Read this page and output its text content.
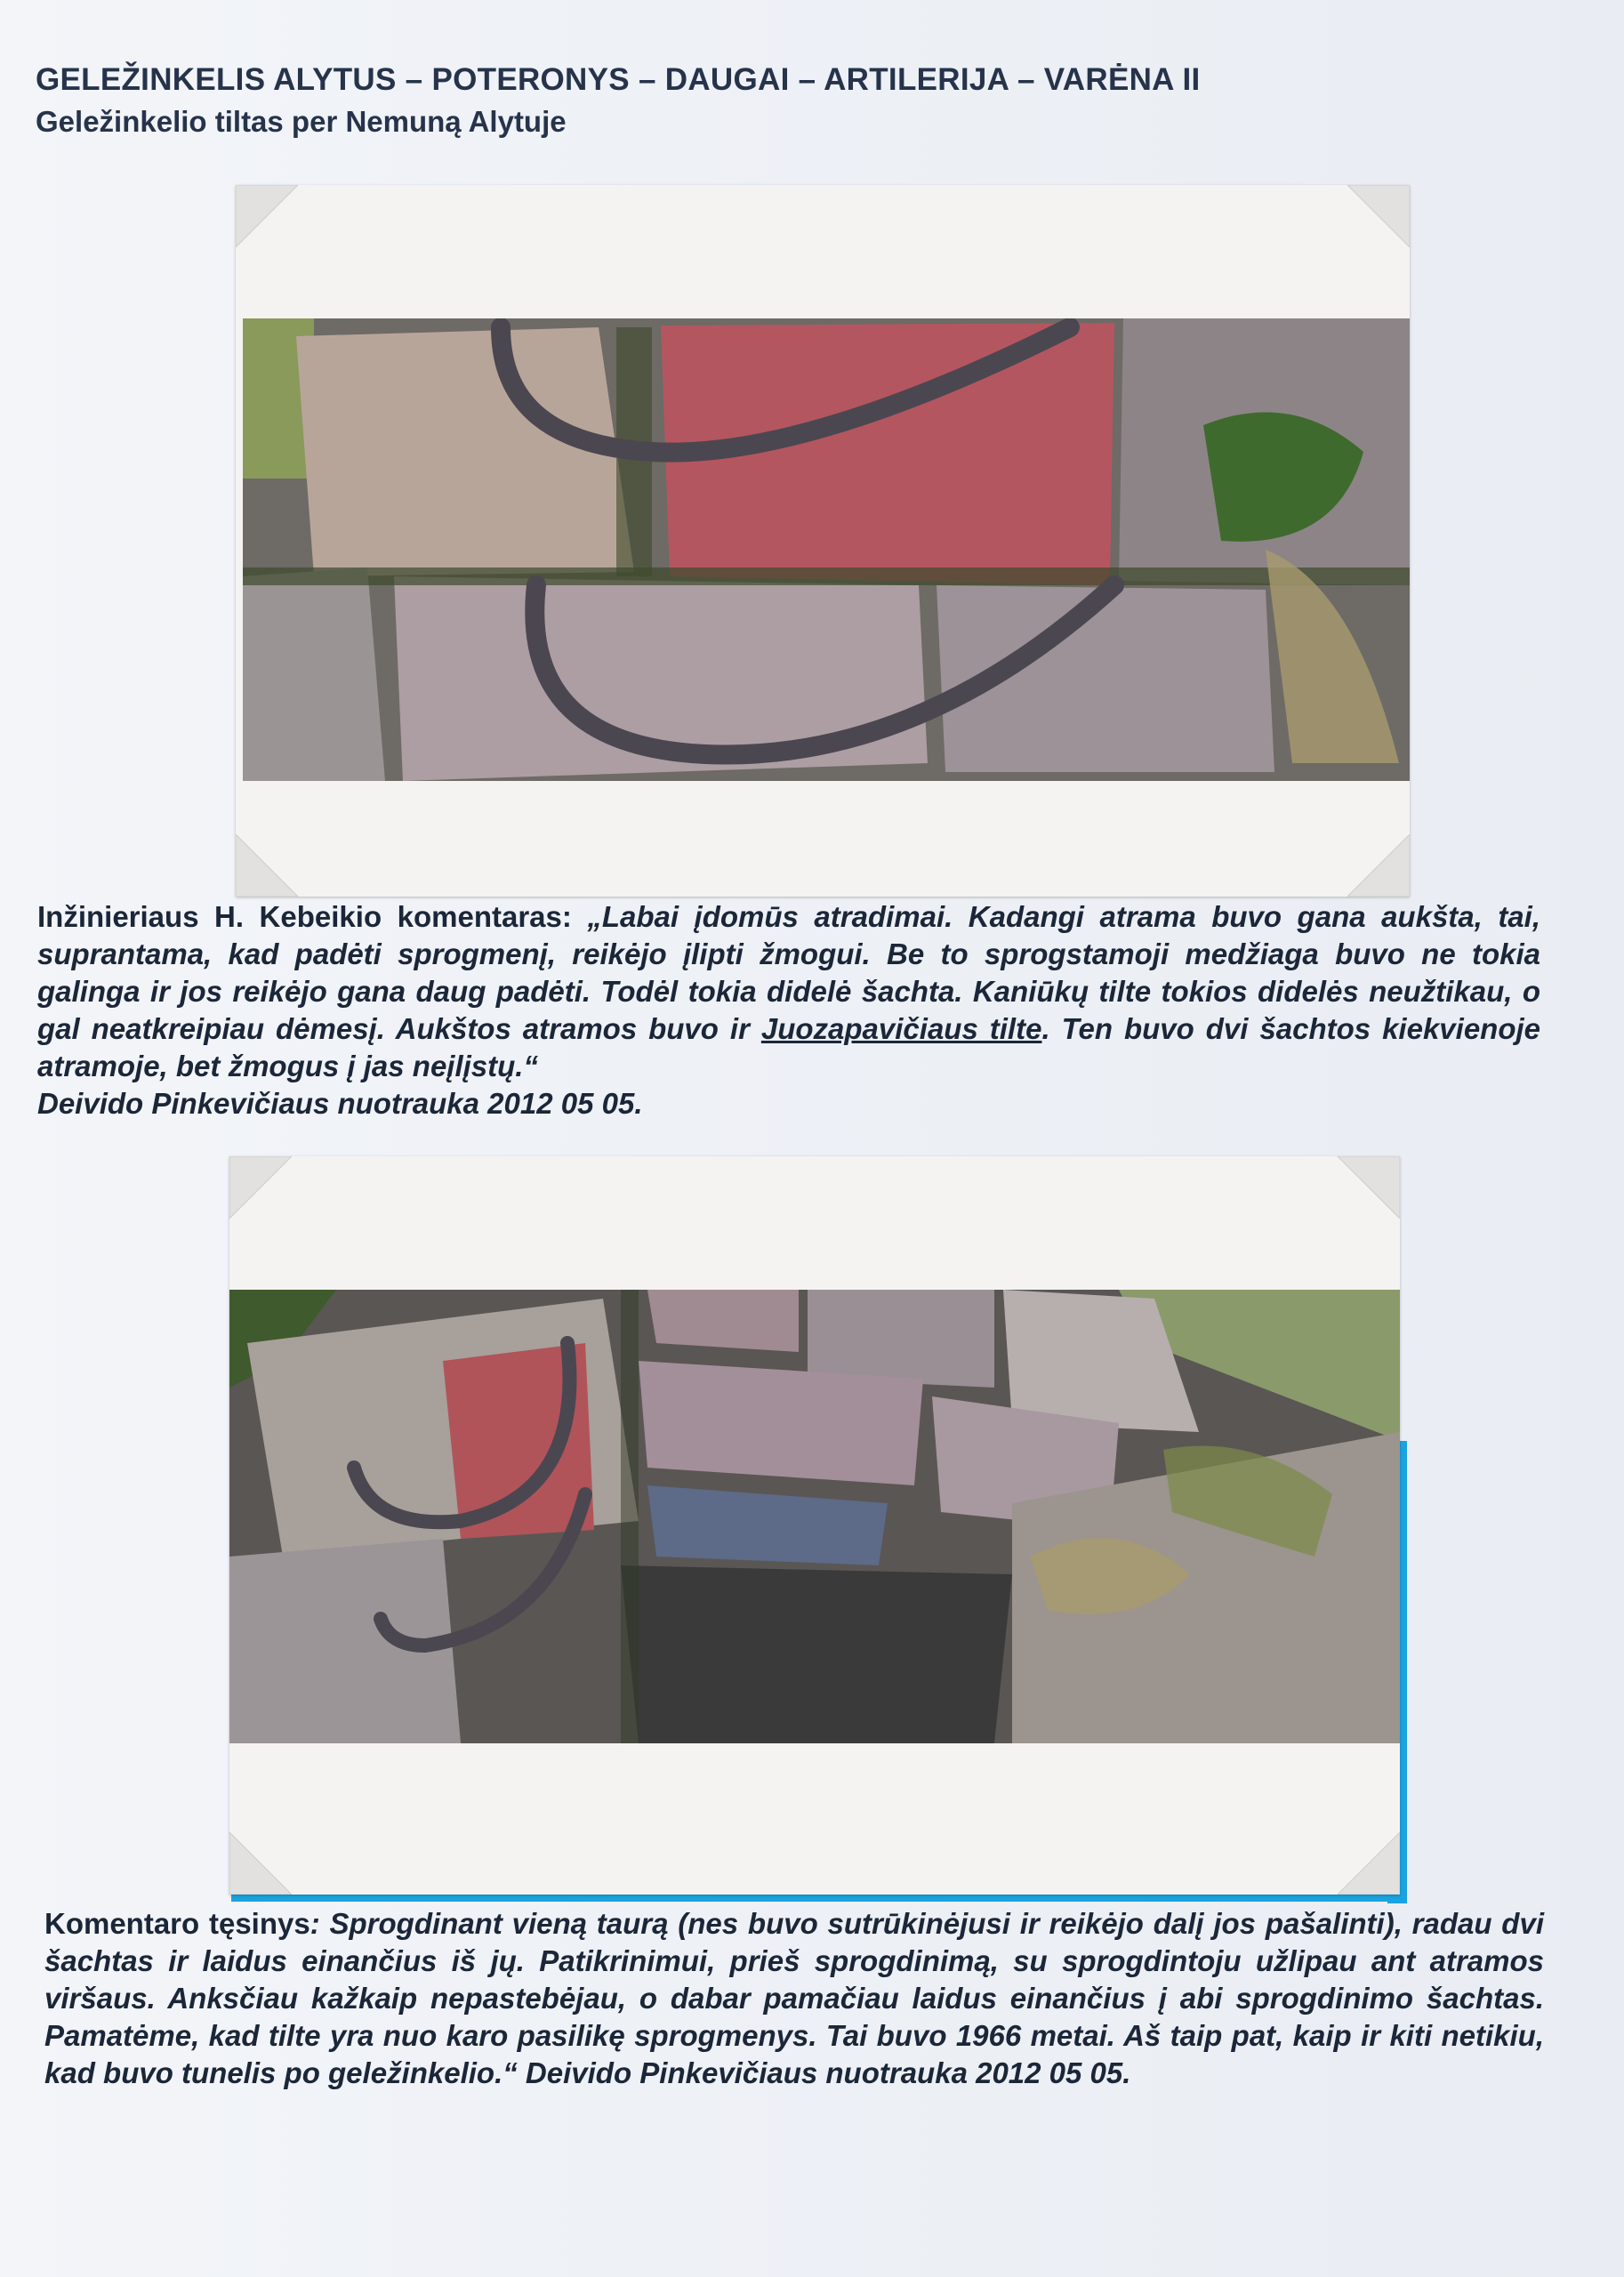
GELEŽINKELIS ALYTUS – POTERONYS – DAUGAI – ARTILERIJA – VARĖNA II
Geležinkelio tiltas per Nemuną Alytuje
Inžinieriaus H. Kebeikio komentaras: „Labai įdomūs atradimai. Kadangi atrama buvo gana aukšta, tai, suprantama, kad padėti sprogmenį, reikėjo įlipti žmogui. Be to sprogstamoji medžiaga buvo ne tokia galinga ir jos reikėjo gana daug padėti. Todėl tokia didelė šachta. Kaniūkų tilte tokios didelės neužtikau, o gal neatkreipiau dėmesį. Aukštos atramos buvo ir Juozapavičiaus tilte. Ten buvo dvi šachtos kiekvienoje atramoje, bet žmogus į jas neįlįstų.“
Deivido Pinkevičiaus nuotrauka 2012 05 05.
Komentaro tęsinys: Sprogdinant vieną taurą (nes buvo sutrūkinėjusi ir reikėjo dalį jos pašalinti), radau dvi šachtas ir laidus einančius iš jų. Patikrinimui, prieš sprogdinimą, su sprogdintoju užlipau ant atramos viršaus. Anksčiau kažkaip nepastebėjau, o dabar pamačiau laidus einančius į abi sprogdinimo šachtas. Pamatėme, kad tilte yra nuo karo pasilikę sprogmenys. Tai buvo 1966 metai. Aš taip pat, kaip ir kiti netikiu, kad buvo tunelis po geležinkelio.“ Deivido Pinkevičiaus nuotrauka 2012 05 05.
